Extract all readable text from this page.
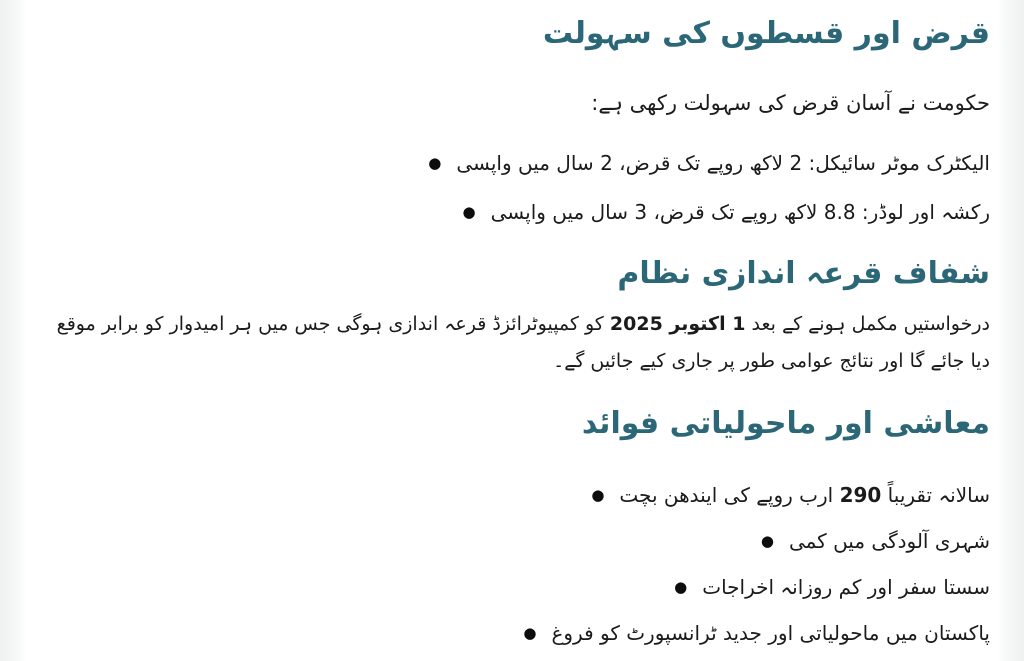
قرض اور قسطوں کی سہولت

حکومت نے آسان قرض کی سہولت رکھی ہے:

● الیکٹرک موٹر سائیکل: 2 لاکھ روپے تک قرض، 2 سال میں واپسی
● رکشہ اور لوڈر: 8.8 لاکھ روپے تک قرض، 3 سال میں واپسی
شفاف قرعہ اندازی نظام

درخواستیں مکمل ہونے کے بعد 1 اکتوبر 2025 کو کمپیوٹرائزڈ قرعہ اندازی ہوگی جس میں ہر امیدوار کو برابر موقع دیا جائے گا اور نتائج عوامی طور پر جاری کیے جائیں گے۔

معاشی اور ماحولیاتی فوائد
●	سالانہ تقریباً 290 ارب روپے کی ایندھن بچت
● شہری آلودگی میں کمی
● سستا سفر اور کم روزانہ اخراجات
● پاکستان میں ماحولیاتی اور جدید ٹرانسپورٹ کو فروغ
